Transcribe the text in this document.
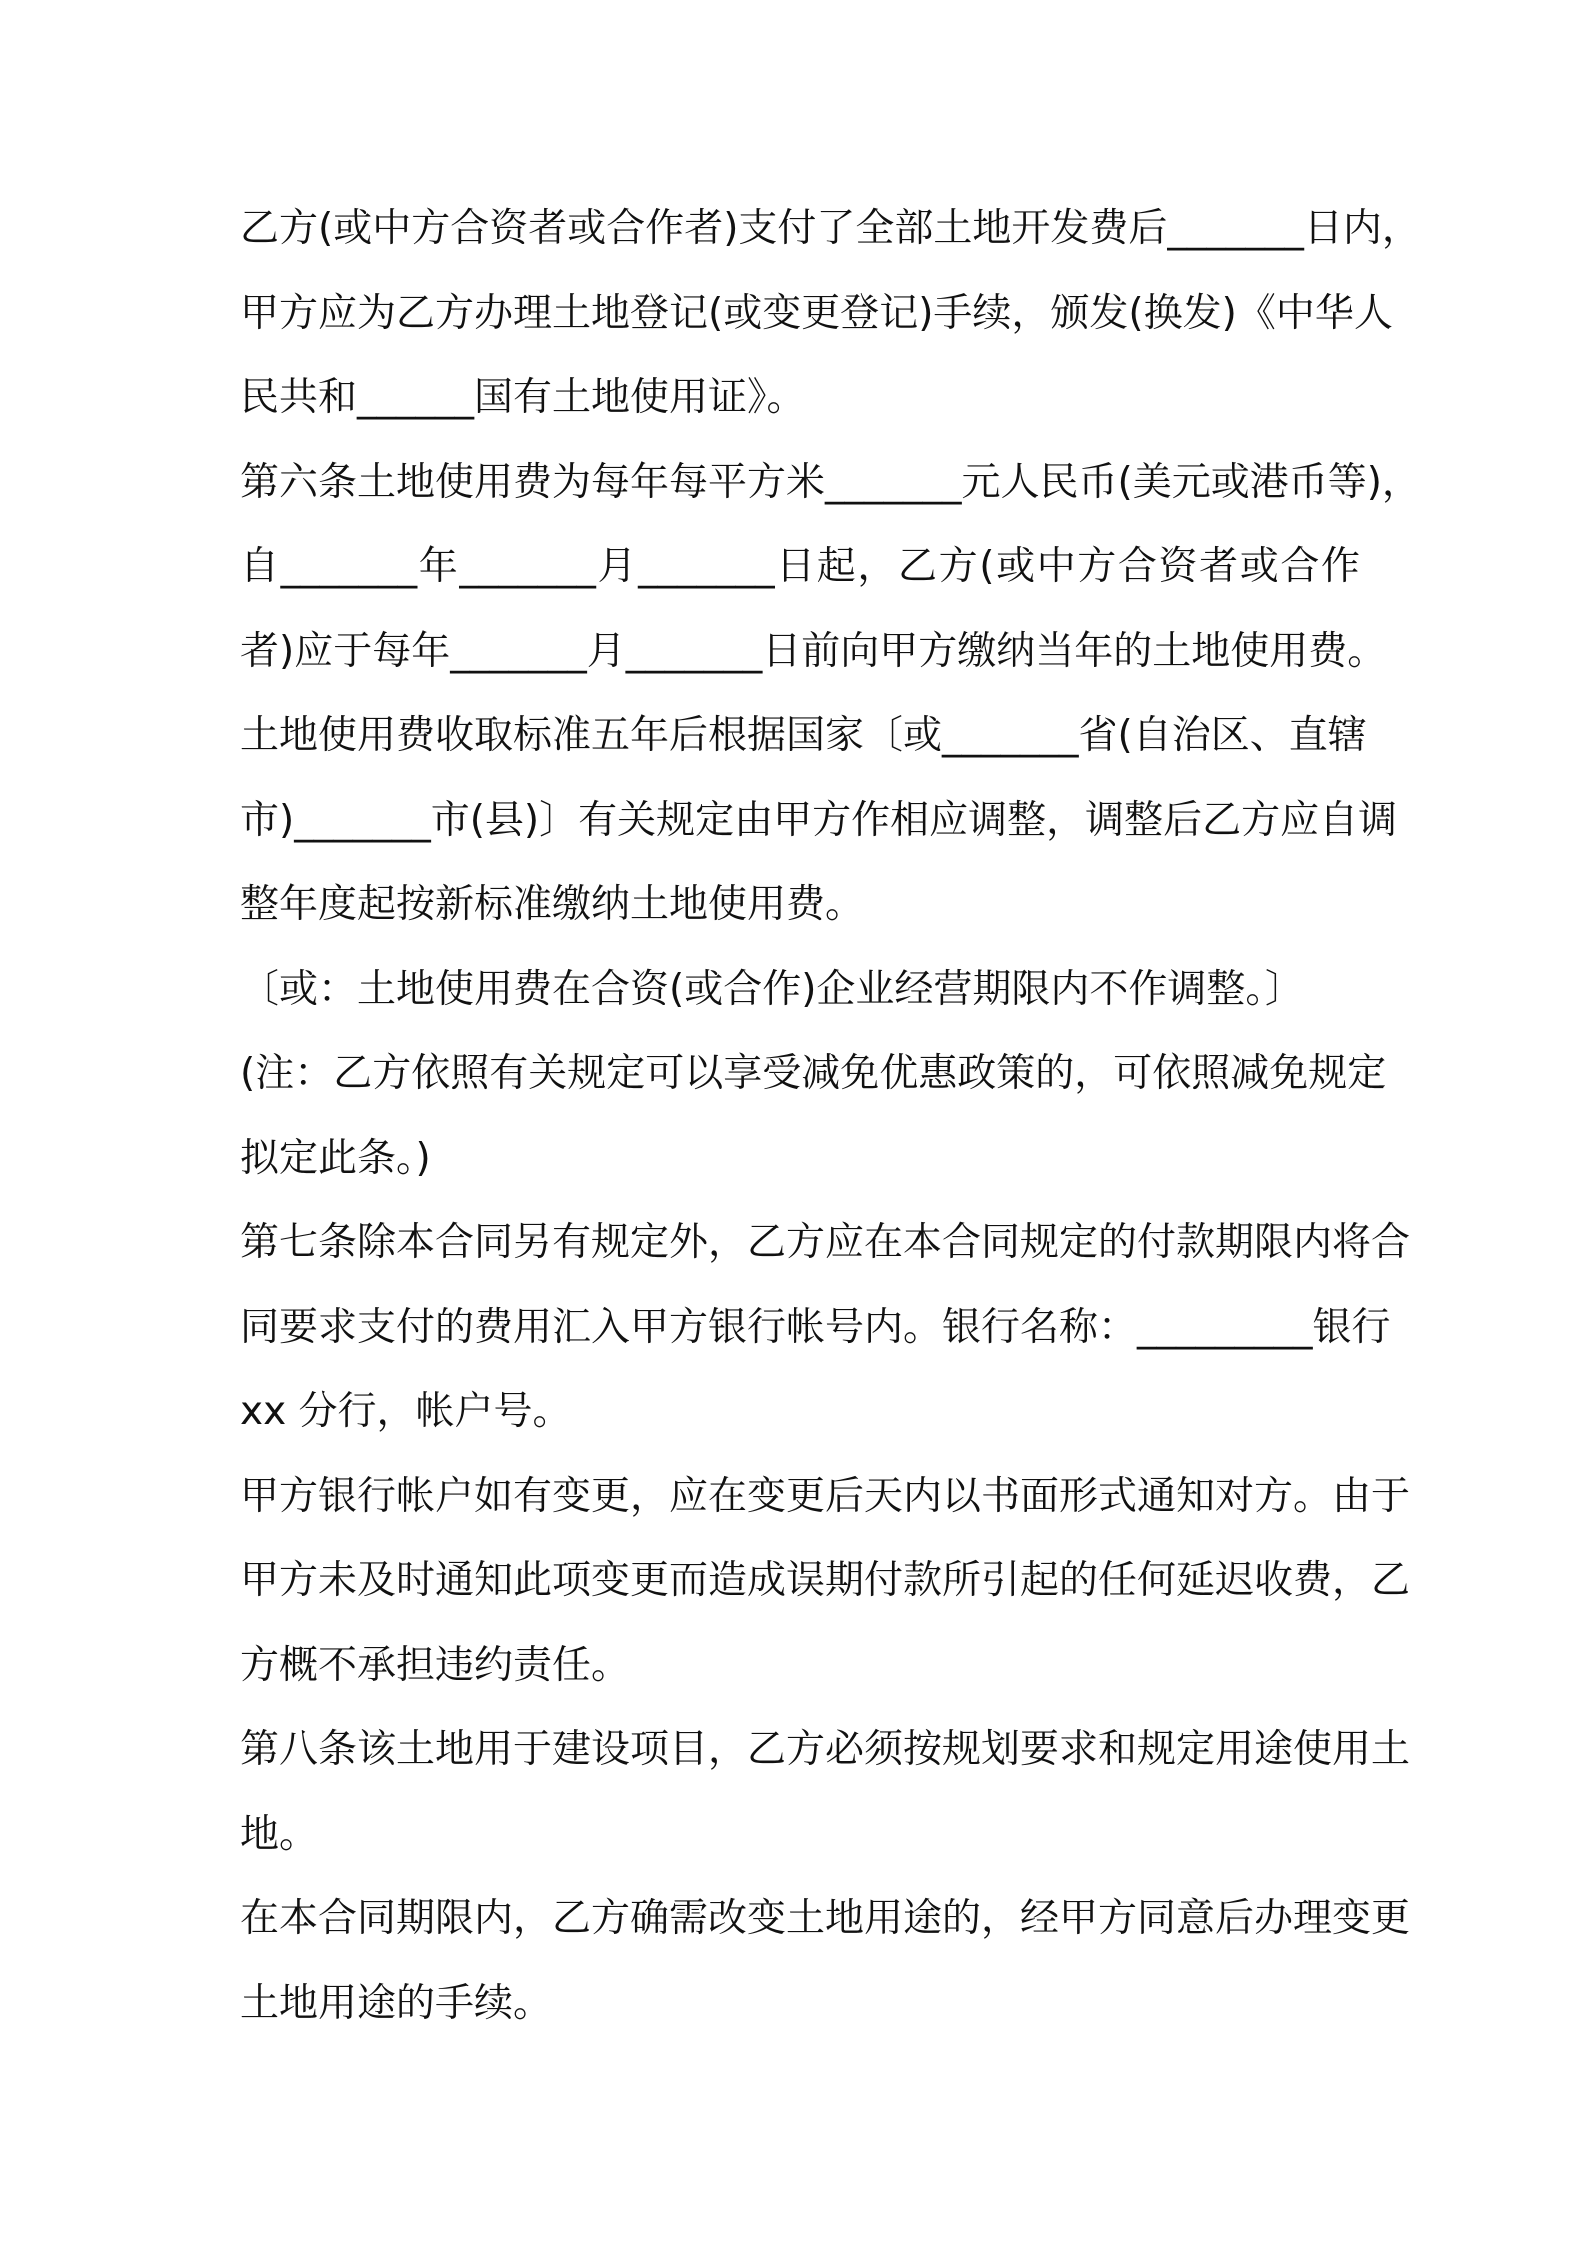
乙方(或中方合资者或合作者)支付了全部土地开发费后_______日内，
甲方应为乙方办理土地登记(或变更登记)手续，颁发(换发)《中华人
民共和______国有土地使用证》。
第六条土地使用费为每年每平方米_______元人民币(美元或港币等)，
自_______年_______月_______日起，乙方(或中方合资者或合作
者)应于每年_______月_______日前向甲方缴纳当年的土地使用费。
土地使用费收取标准五年后根据国家〔或_______省(自治区、直辖
市)_______市(县)〕有关规定由甲方作相应调整，调整后乙方应自调
整年度起按新标准缴纳土地使用费。
〔或：土地使用费在合资(或合作)企业经营期限内不作调整。〕
(注：乙方依照有关规定可以享受减免优惠政策的，可依照减免规定
拟定此条。)
第七条除本合同另有规定外，乙方应在本合同规定的付款期限内将合
同要求支付的费用汇入甲方银行帐号内。银行名称：_________银行
xx 分行，帐户号。
甲方银行帐户如有变更，应在变更后天内以书面形式通知对方。由于
甲方未及时通知此项变更而造成误期付款所引起的任何延迟收费，乙
方概不承担违约责任。
第八条该土地用于建设项目，乙方必须按规划要求和规定用途使用土
地。
在本合同期限内，乙方确需改变土地用途的，经甲方同意后办理变更
土地用途的手续。
